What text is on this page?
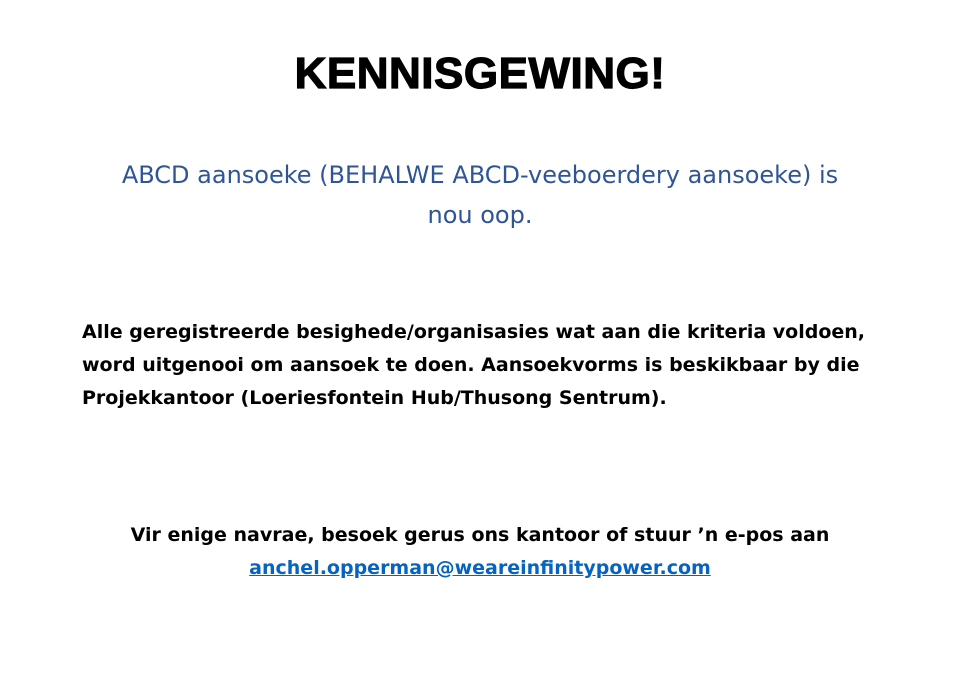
KENNISGEWING!
ABCD aansoeke (BEHALWE ABCD-veeboerdery aansoeke) is
nou oop.
Alle geregistreerde besighede/organisasies wat aan die kriteria voldoen,
word uitgenooi om aansoek te doen. Aansoekvorms is beskikbaar by die
Projekkantoor (Loeriesfontein Hub/Thusong Sentrum).
Vir enige navrae, besoek gerus ons kantoor of stuur ’n e-pos aan
anchel.opperman@weareinfinitypower.com
